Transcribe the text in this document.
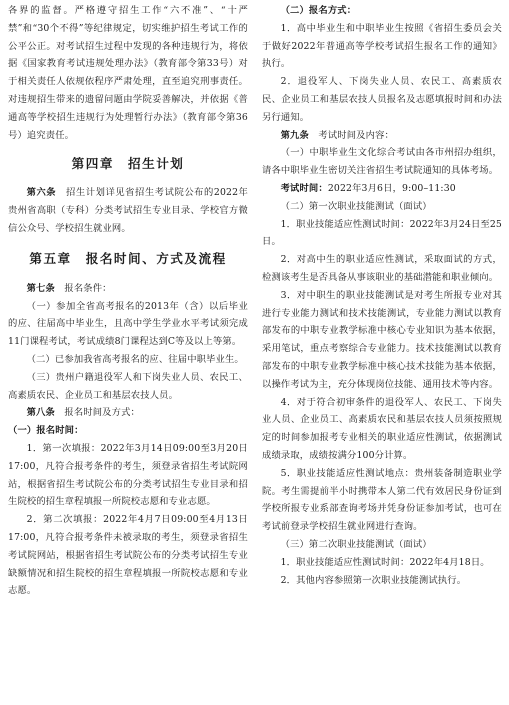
各界的监督。严格遵守招生工作“六不准”、“十严禁”和“30个不得”等纪律规定，切实维护招生考试工作的公平公正。对考试招生过程中发现的各种违规行为，将依据《国家教育考试违规处理办法》（教育部令第33号）对于相关责任人依规依程序严肃处理，直至追究刑事责任。对违规招生带来的遗留问题由学院妥善解决，并依据《普通高等学校招生违规行为处理暂行办法》（教育部令第36号）追究责任。

第四章　招生计划

第六条　招生计划详见省招生考试院公布的2022年贵州省高职（专科）分类考试招生专业目录、学校官方微信公众号、学校招生就业网。

第五章　报名时间、方式及流程

第七条　报名条件：

（一）参加全省高考报名的2013年（含）以后毕业的应、往届高中毕业生，且高中学生学业水平考试须完成11门课程考试，考试成绩8门课程达到C等及以上等第。

（二）已参加我省高考报名的应、往届中职毕业生。

（三）贵州户籍退役军人和下岗失业人员、农民工、高素质农民、企业员工和基层农技人员。

第八条　报名时间及方式：

（一）报名时间：

1．第一次填报：2022年3月14日09:00至3月20日17:00，凡符合报考条件的考生，须登录省招生考试院网站，根据省招生考试院公布的分类考试招生专业目录和招生院校的招生章程填报一所院校志愿和专业志愿。

2．第二次填报：2022年4月7日09:00至4月13日17:00，凡符合报考条件未被录取的考生，须登录省招生考试院网站，根据省招生考试院公布的分类考试招生专业缺额情况和招生院校的招生章程填报一所院校志愿和专业志愿。

（二）报名方式：

1．高中毕业生和中职毕业生按照《省招生委员会关于做好2022年普通高等学校考试招生报名工作的通知》执行。

2．退役军人、下岗失业人员、农民工、高素质农民、企业员工和基层农技人员报名及志愿填报时间和办法另行通知。

第九条　考试时间及内容：

（一）中职毕业生文化综合考试由各市州招办组织，请各中职毕业生密切关注省招生考试院通知的具体考场。

考试时间：2022年3月6日，9:00–11:30

（二）第一次职业技能测试（面试）

1．职业技能适应性测试时间：2022年3月24日至25日。

2．对高中生的职业适应性测试，采取面试的方式，检测该考生是否具备从事该职业的基础潜能和职业倾向。

3．对中职生的职业技能测试是对考生所报专业对其进行专业能力测试和技术技能测试，专业能力测试以教育部发布的中职专业教学标准中核心专业知识为基本依据，采用笔试，重点考察综合专业能力。技术技能测试以教育部发布的中职专业教学标准中核心技术技能为基本依据，以操作考试为主，充分体现岗位技能、通用技术等内容。

4．对于符合初审条件的退役军人、农民工、下岗失业人员、企业员工、高素质农民和基层农技人员须按照规定的时间参加报考专业相关的职业适应性测试，依据测试成绩录取，成绩按满分100分计算。

5．职业技能适应性测试地点：贵州装备制造职业学院。考生需提前半小时携带本人第二代有效居民身份证到学校所报专业系部查询考场并凭身份证参加考试，也可在考试前登录学校招生就业网进行查询。

（三）第二次职业技能测试（面试）

1．职业技能适应性测试时间：2022年4月18日。

2．其他内容参照第一次职业技能测试执行。
